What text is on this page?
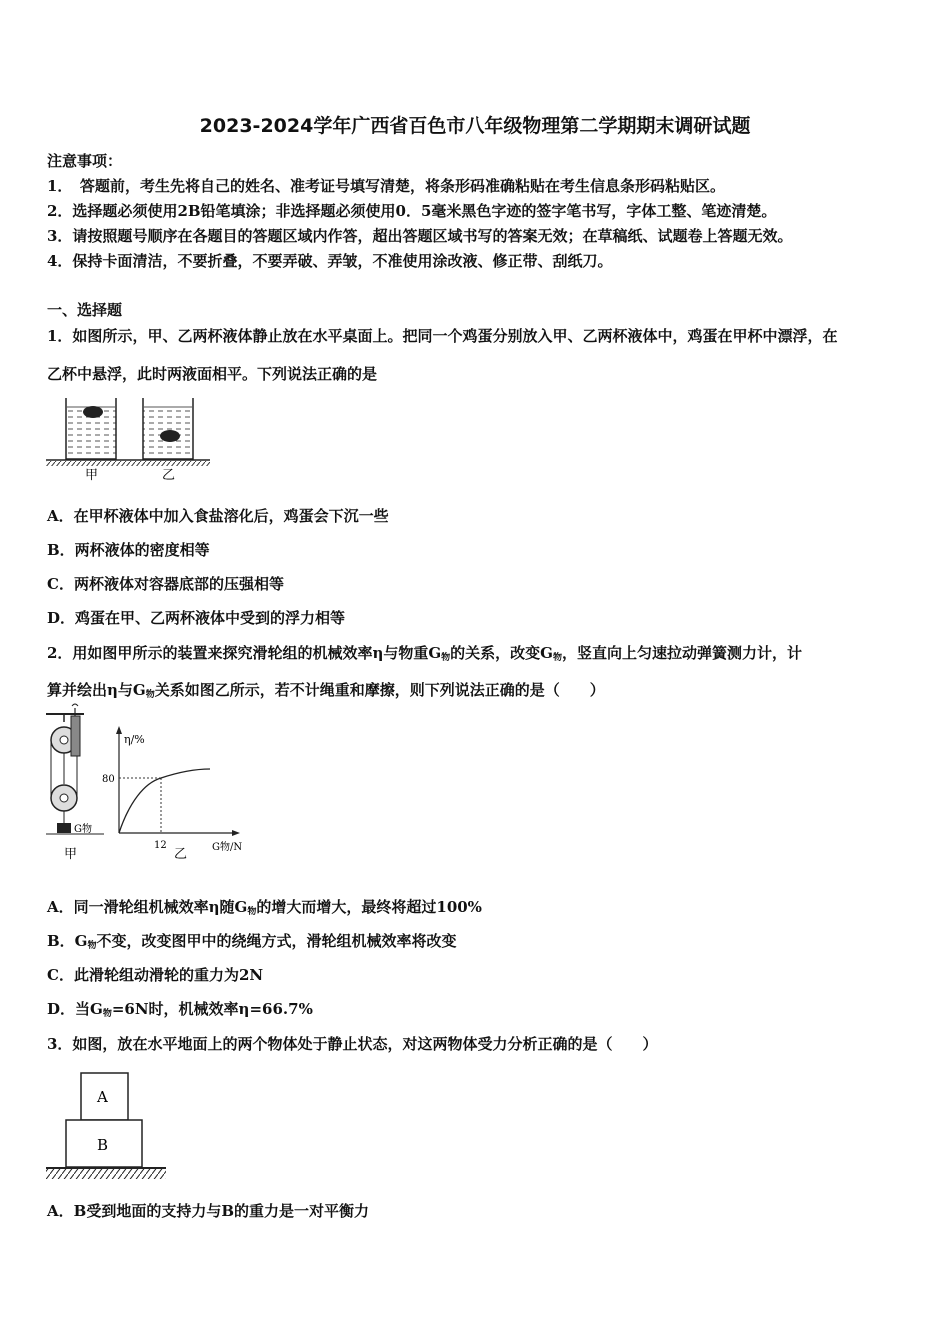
2023-2024学年广西省百色市八年级物理第二学期期末调研试题
注意事项：
1．　答题前，考生先将自己的姓名、准考证号填写清楚，将条形码准确粘贴在考生信息条形码粘贴区。
2．选择题必须使用2B铅笔填涂；非选择题必须使用0．5毫米黑色字迹的签字笔书写，字体工整、笔迹清楚。
3．请按照题号顺序在各题目的答题区域内作答，超出答题区域书写的答案无效；在草稿纸、试题卷上答题无效。
4．保持卡面清洁，不要折叠，不要弄破、弄皱，不准使用涂改液、修正带、刮纸刀。
一、选择题
1．如图所示，甲、乙两杯液体静止放在水平桌面上。把同一个鸡蛋分别放入甲、乙两杯液体中，鸡蛋在甲杯中漂浮，在
乙杯中悬浮，此时两液面相平。下列说法正确的是
甲	乙
A．在甲杯液体中加入食盐溶化后，鸡蛋会下沉一些
B．两杯液体的密度相等
C．两杯液体对容器底部的压强相等
D．鸡蛋在甲、乙两杯液体中受到的浮力相等
2．用如图甲所示的装置来探究滑轮组的机械效率η与物重$G_物$的关系，改变$G_物$，竖直向上匀速拉动弹簧测力计，计
算并绘出η与$G_物$关系如图乙所示，若不计绳重和摩擦，则下列说法正确的是（　　）
G物
甲
η/%
G物/N
80
12
乙
A．同一滑轮组机械效率η随$G_物$的增大而增大，最终将超过100%
B．$G_物$不变，改变图甲中的绕绳方式，滑轮组机械效率将改变
C．此滑轮组动滑轮的重力为2N
D．当$G_物=6N$时，机械效率η=66.7%
3．如图，放在水平地面上的两个物体处于静止状态，对这两物体受力分析正确的是（　　）
A
B
A．B受到地面的支持力与B的重力是一对平衡力
